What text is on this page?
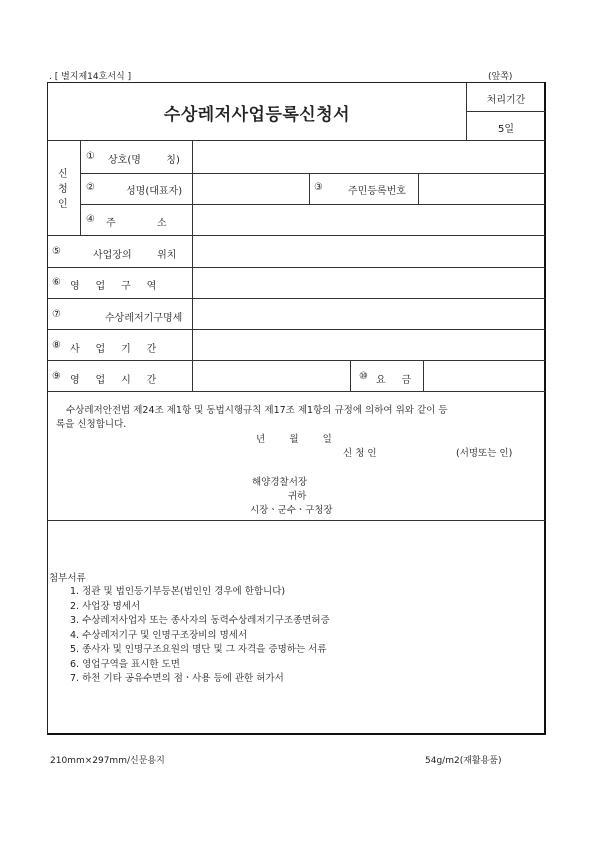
. [ 별지제14호서식 ]	(앞쪽)
수상레저사업등록신청서
처리기간
5일
신
청
인
① 상호(명        칭)
②	성명(대표자)	③	주민등록번호
④ 주             소
⑤	사업장의        위치
⑥ 영     업     구     역
⑦	수상레저기구명세
⑧ 사     업     기     간
⑨ 영     업     시     간	⑩ 요     금
수상레저안전법 제24조 제1항 및 동법시행규칙 제17조 제1항의 규정에 의하여 위와 같이 등
록을 신청합니다.
년        월        일
신 청 인	(서명또는 인)
해양경찰서장
귀하
시장ㆍ군수ㆍ구청장
첨부서류
1. 정관 및 법인등기부등본(법인인 경우에 한합니다)
2. 사업장 명세서
3. 수상레저사업자 또는 종사자의 동력수상레저기구조종면허증
4. 수상레저기구 및 인명구조장비의 명세서
5. 종사자 및 인명구조요원의 명단 및 그 자격을 증명하는 서류
6. 영업구역을 표시한 도면
7. 하천 기타 공유수면의 점ㆍ사용 등에 관한 허가서
210mm×297mm/신문용지	54g/m2(재활용품)
